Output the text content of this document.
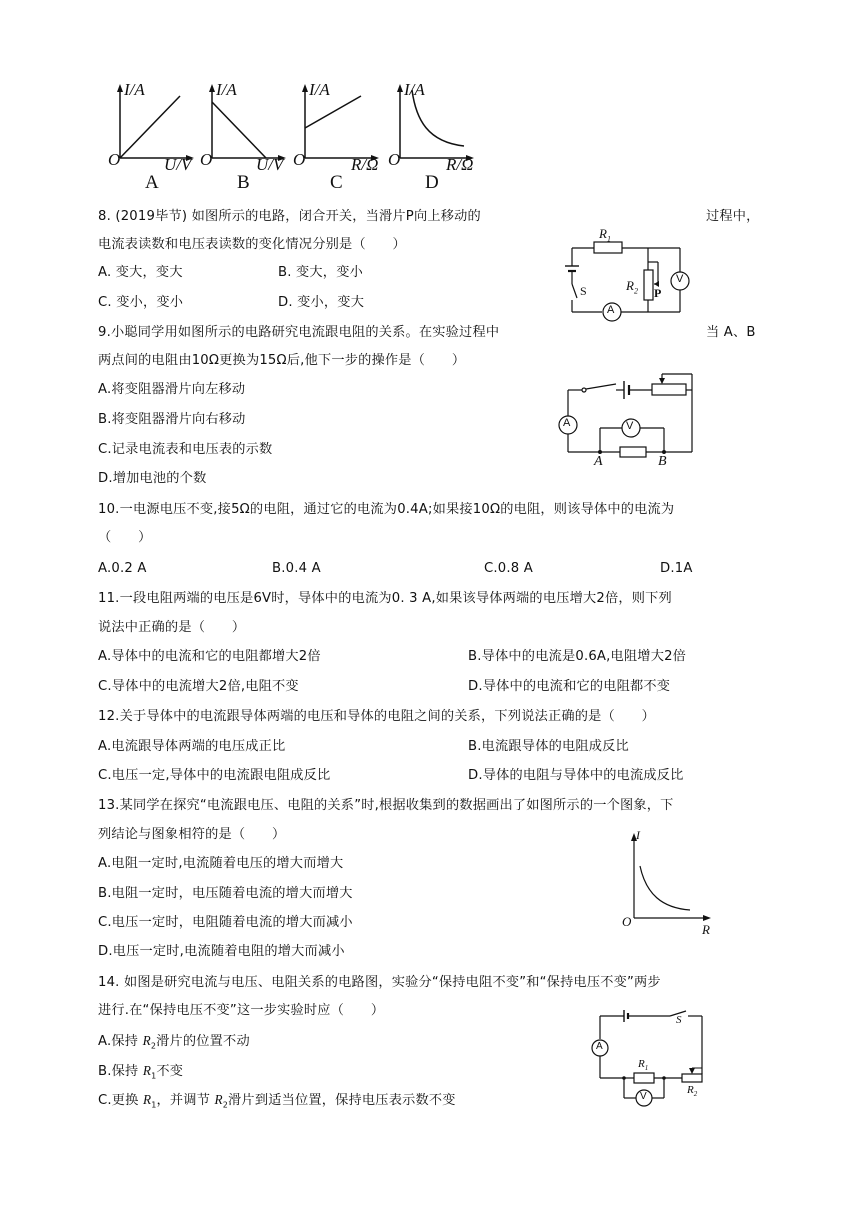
I/A
O	U/V
A
I/A
O	U/V
B
I/A
O	R/Ω
C
I/A
O	R/Ω
D
8. (2019毕节) 如图所示的电路，闭合开关，当滑片P向上移动的	过程中，
电流表读数和电压表读数的变化情况分别是（　　）
A. 变大，变大	B. 变大，变小
C. 变小，变小	D. 变小，变大
$R_1$
$R_2$ P
S
A
V
9.小聪同学用如图所示的电路研究电流跟电阻的关系。在实验过程中	当 A、B
两点间的电阻由10Ω更换为15Ω后,他下一步的操作是（　　）
A.将变阻器滑片向左移动
B.将变阻器滑片向右移动
C.记录电流表和电压表的示数
D.增加电池的个数
A	V
A	B
10.一电源电压不变,接5Ω的电阻，通过它的电流为0.4A;如果接10Ω的电阻，则该导体中的电流为
（　　）
A.0.2 A	B.0.4 A	C.0.8 A	D.1A
11.一段电阻两端的电压是6V时，导体中的电流为0. 3 A,如果该导体两端的电压增大2倍，则下列
说法中正确的是（　　）
A.导体中的电流和它的电阻都增大2倍	B.导体中的电流是0.6A,电阻增大2倍
C.导体中的电流增大2倍,电阻不变	D.导体中的电流和它的电阻都不变
12.关于导体中的电流跟导体两端的电压和导体的电阻之间的关系，下列说法正确的是（　　）
A.电流跟导体两端的电压成正比	B.电流跟导体的电阻成反比
C.电压一定,导体中的电流跟电阻成反比	D.导体的电阻与导体中的电流成反比
13.某同学在探究“电流跟电压、电阻的关系”时,根据收集到的数据画出了如图所示的一个图象，下
列结论与图象相符的是（　　）
A.电阻一定时,电流随着电压的增大而增大
B.电阻一定时，电压随着电流的增大而增大
C.电压一定时，电阻随着电流的增大而减小
D.电压一定时,电流随着电阻的增大而减小
I
O
R
14. 如图是研究电流与电压、电阻关系的电路图，实验分“保持电阻不变”和“保持电压不变”两步
进行.在“保持电压不变”这一步实验时应（　　）
A.保持 $R_2$滑片的位置不动
B.保持 $R_1$不变
C.更换 $R_1$，并调节 $R_2$滑片到适当位置，保持电压表示数不变
S
A
V
$R_1$
$R_2$
